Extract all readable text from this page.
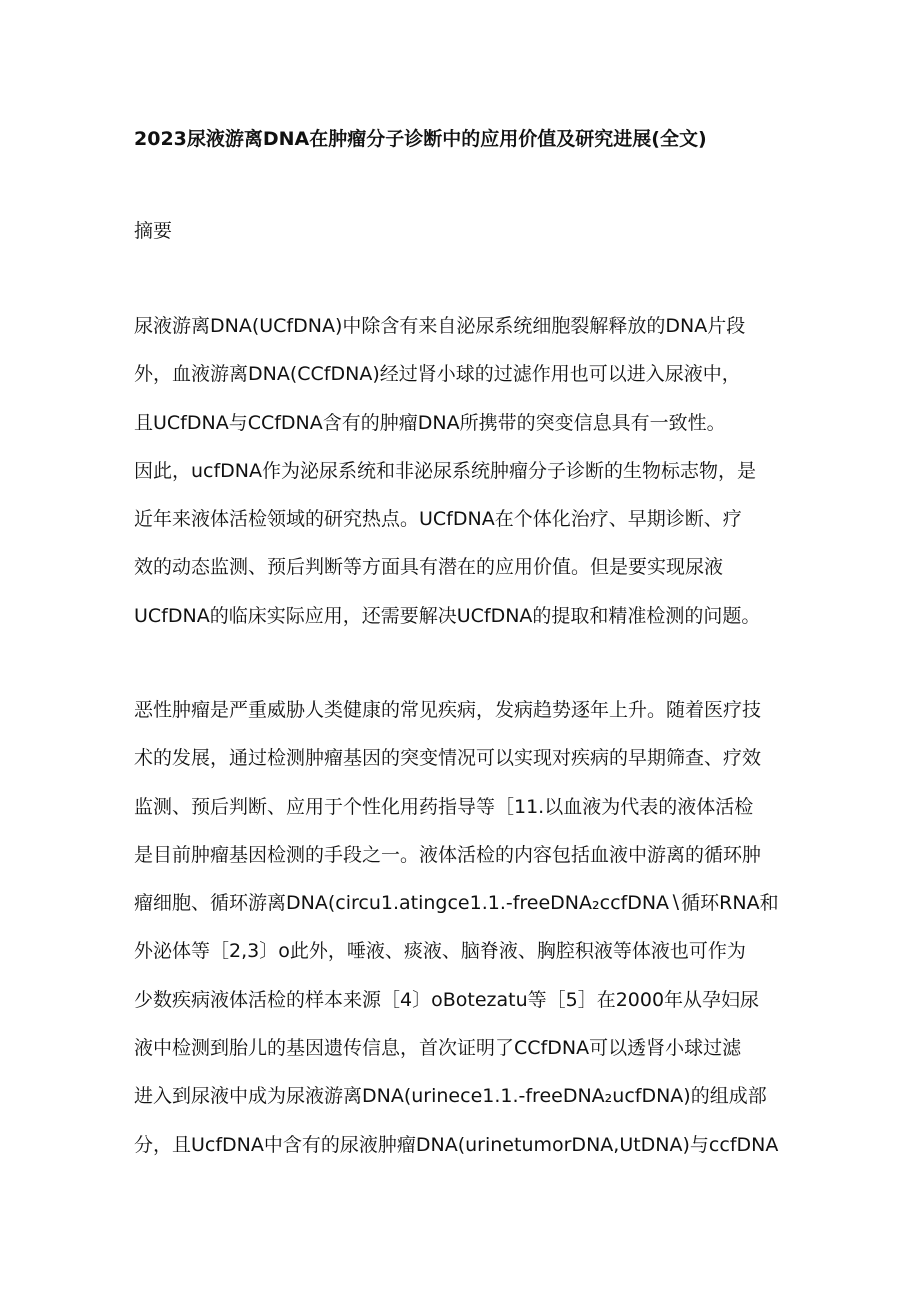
2023尿液游离DNA在肿瘤分子诊断中的应用价值及研究进展(全文)
摘要
尿液游离DNA(UCfDNA)中除含有来自泌尿系统细胞裂解释放的DNA片段
外，血液游离DNA(CCfDNA)经过肾小球的过滤作用也可以进入尿液中，
且UCfDNA与CCfDNA含有的肿瘤DNA所携带的突变信息具有一致性。
因此，ucfDNA作为泌尿系统和非泌尿系统肿瘤分子诊断的生物标志物，是
近年来液体活检领域的研究热点。UCfDNA在个体化治疗、早期诊断、疗
效的动态监测、预后判断等方面具有潜在的应用价值。但是要实现尿液
UCfDNA的临床实际应用，还需要解决UCfDNA的提取和精准检测的问题。
恶性肿瘤是严重威胁人类健康的常见疾病，发病趋势逐年上升。随着医疗技
术的发展，通过检测肿瘤基因的突变情况可以实现对疾病的早期筛查、疗效
监测、预后判断、应用于个性化用药指导等［11.以血液为代表的液体活检
是目前肿瘤基因检测的手段之一。液体活检的内容包括血液中游离的循环肿
瘤细胞、循环游离DNA(circu1.atingce1.1.-freeDNA₂ccfDNA∖循环RNA和
外泌体等［2,3〕o此外，唾液、痰液、脑脊液、胸腔积液等体液也可作为
少数疾病液体活检的样本来源［4〕oBotezatu等［5］在2000年从孕妇尿
液中检测到胎儿的基因遗传信息，首次证明了CCfDNA可以透肾小球过滤
进入到尿液中成为尿液游离DNA(urinece1.1.-freeDNA₂ucfDNA)的组成部
分，且UcfDNA中含有的尿液肿瘤DNA(urinetumorDNA,UtDNA)与ccfDNA
